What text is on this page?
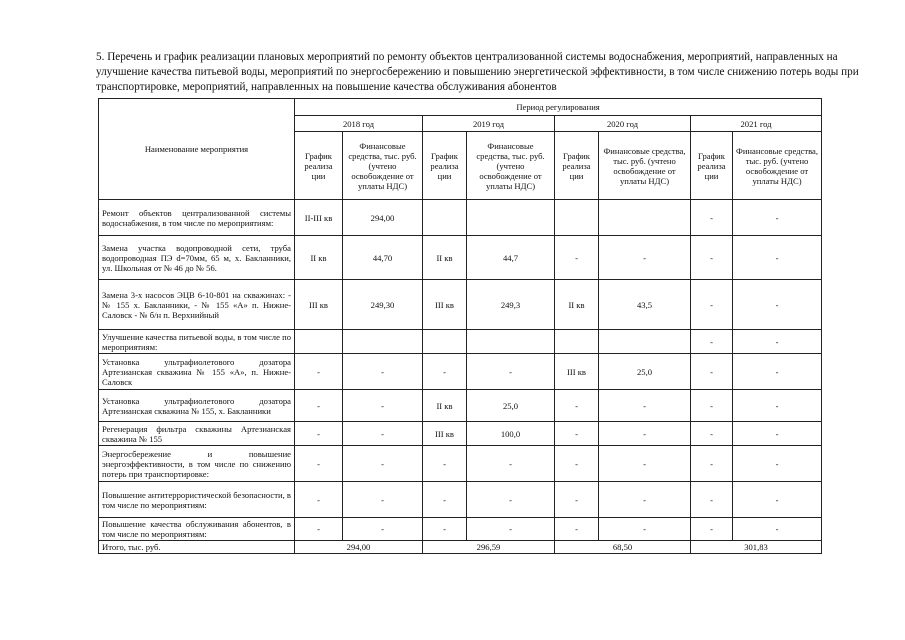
5. Перечень и график реализации плановых мероприятий по ремонту объектов централизованной системы водоснабжения, мероприятий, направленных на улучшение качества питьевой воды, мероприятий по энергосбережению и повышению энергетической эффективности, в том числе снижению потерь воды при транспортировке, мероприятий, направленных на повышение качества обслуживания абонентов

Наименование мероприятия	Период регулирования							
	2018 год		2019 год		2020 год		2021 год	
	График реализа ции	Финансовые средства, тыс. руб. (учтено освобождение от уплаты НДС)	График реализа ции	Финансовые средства, тыс. руб. (учтено освобождение от уплаты НДС)	График реализа ции	Финансовые средства, тыс. руб. (учтено освобождение от уплаты НДС)	График реализа ции	Финансовые средства, тыс. руб. (учтено освобождение от уплаты НДС)
Ремонт объектов централизованной системы водоснабжения, в том числе по мероприятиям:	II-III кв	294,00					-	-
Замена участка водопроводной сети, труба водопроводная ПЭ d=70мм, 65 м, х. Бакланники, ул. Школьная от № 46 до № 56.	II кв	44,70	II кв	44,7	-	-	-	-
Замена 3-х насосов ЭЦВ 6-10-801 на скважинах: - № 155 х. Бакланники, - № 155 «А» п. Нижне-Саловск - № б/н п. Верхнийный	III кв	249,30	III кв	249,3	II кв	43,5	-	-
Улучшение качества питьевой воды, в том числе по мероприятиям:							-	-
Установка ультрафиолетового дозатора Артезианская скважина № 155 «А», п. Нижне-Саловск	-	-	-	-	III кв	25,0	-	-
Установка ультрафиолетового дозатора Артезианская скважина № 155, х. Бакланники	-	-	II кв	25,0	-	-	-	-
Регенерация фильтра скважины Артезианская скважина № 155	-	-	III кв	100,0	-	-	-	-
Энергосбережение и повышение энергоэффективности, в том числе по снижению потерь при транспортировке:	-	-	-	-	-	-	-	-
Повышение антитеррористической безопасности, в том числе по мероприятиям:	-	-	-	-	-	-	-	-
Повышение качества обслуживания абонентов, в том числе по мероприятиям:	-	-	-	-	-	-	-	-
Итого, тыс. руб.	294,00		296,59		68,50		301,83	
